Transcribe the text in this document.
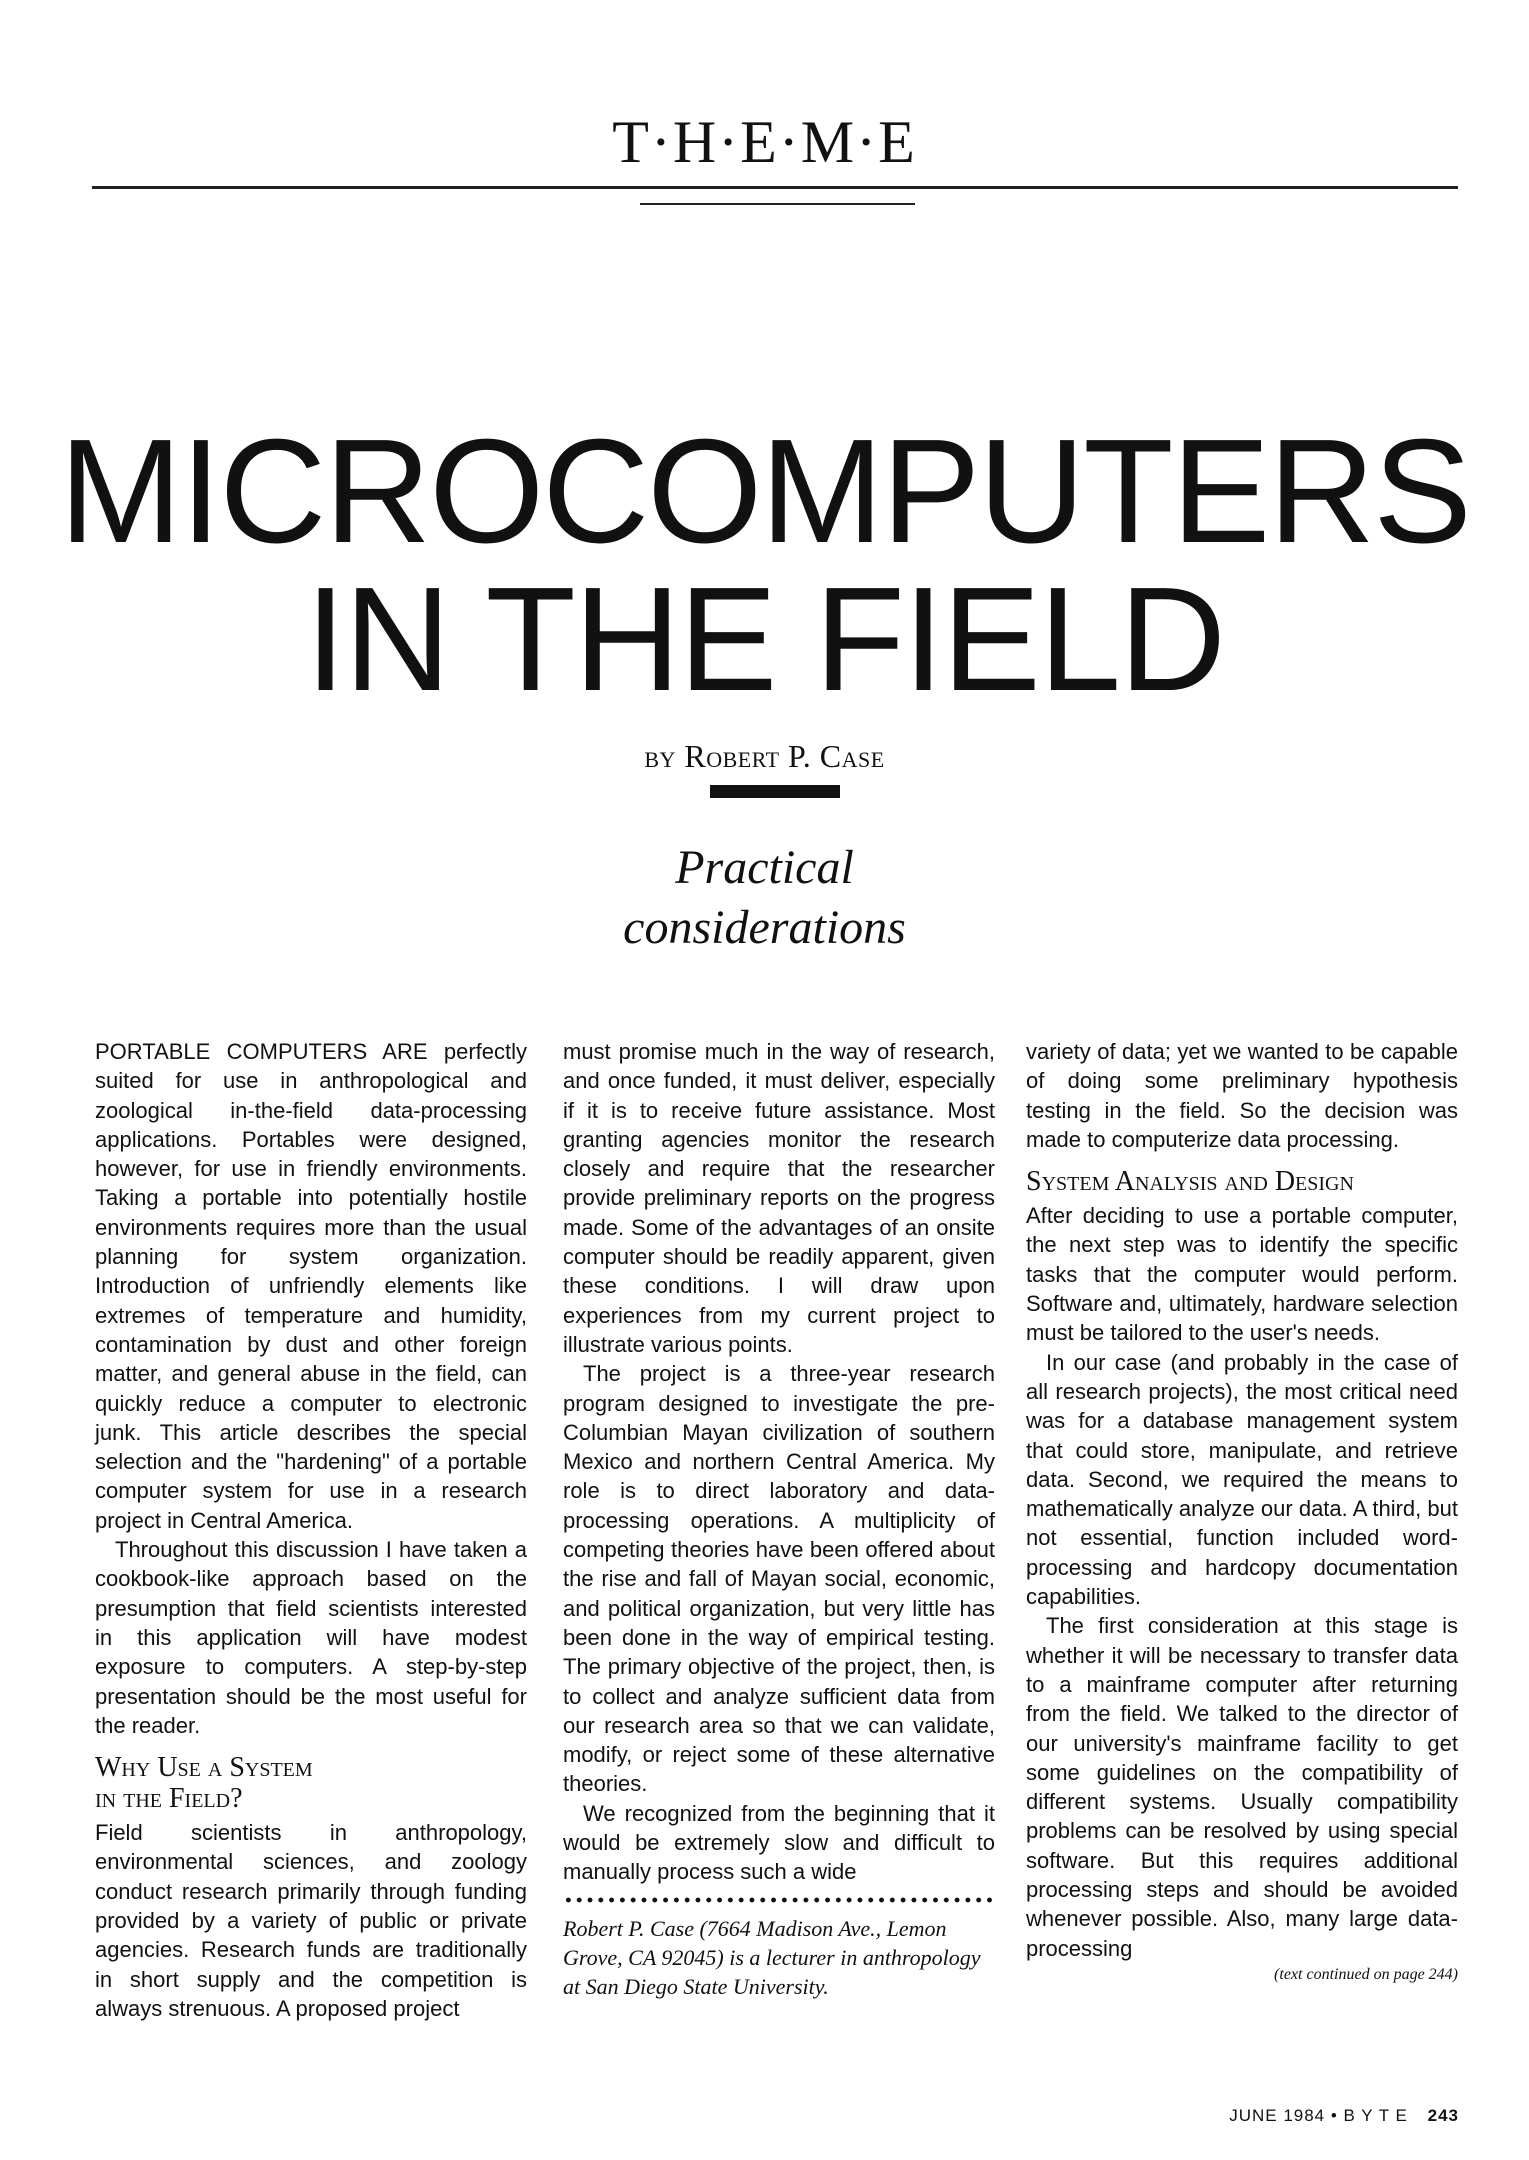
T·H·E·M·E
MICROCOMPUTERS
IN THE FIELD
by Robert P. Case
Practical
considerations

PORTABLE COMPUTERS ARE perfectly suited for use in anthropological and zoological in-the-field data-processing applications. Portables were designed, however, for use in friendly environments. Taking a portable into potentially hostile environments requires more than the usual planning for system organization. Introduction of unfriendly elements like extremes of temperature and humidity, contamination by dust and other foreign matter, and general abuse in the field, can quickly reduce a computer to electronic junk. This article describes the special selection and the "hardening" of a portable computer system for use in a research project in Central America.

Throughout this discussion I have taken a cookbook-like approach based on the presumption that field scientists interested in this application will have modest exposure to computers. A step-by-step presentation should be the most useful for the reader.

Why Use a System
in the Field?

Field scientists in anthropology, environmental sciences, and zoology conduct research primarily through funding provided by a variety of public or private agencies. Research funds are traditionally in short supply and the competition is always strenuous. A proposed project

must promise much in the way of research, and once funded, it must deliver, especially if it is to receive future assistance. Most granting agencies monitor the research closely and require that the researcher provide preliminary reports on the progress made. Some of the advantages of an onsite computer should be readily apparent, given these conditions. I will draw upon experiences from my current project to illustrate various points.

The project is a three-year research program designed to investigate the pre-Columbian Mayan civilization of southern Mexico and northern Central America. My role is to direct laboratory and data-processing operations. A multiplicity of competing theories have been offered about the rise and fall of Mayan social, economic, and political organization, but very little has been done in the way of empirical testing. The primary objective of the project, then, is to collect and analyze sufficient data from our research area so that we can validate, modify, or reject some of these alternative theories.

We recognized from the beginning that it would be extremely slow and difficult to manually process such a wide

Robert P. Case (7664 Madison Ave., Lemon Grove, CA 92045) is a lecturer in anthropology at San Diego State University.

variety of data; yet we wanted to be capable of doing some preliminary hypothesis testing in the field. So the decision was made to computerize data processing.

System Analysis and Design

After deciding to use a portable computer, the next step was to identify the specific tasks that the computer would perform. Software and, ultimately, hardware selection must be tailored to the user's needs.

In our case (and probably in the case of all research projects), the most critical need was for a database management system that could store, manipulate, and retrieve data. Second, we required the means to mathematically analyze our data. A third, but not essential, function included word-processing and hardcopy documentation capabilities.

The first consideration at this stage is whether it will be necessary to transfer data to a mainframe computer after returning from the field. We talked to the director of our university's mainframe facility to get some guidelines on the compatibility of different systems. Usually compatibility problems can be resolved by using special software. But this requires additional processing steps and should be avoided whenever possible. Also, many large data-processing

(text continued on page 244)
JUNE 1984 • B Y T E 243
